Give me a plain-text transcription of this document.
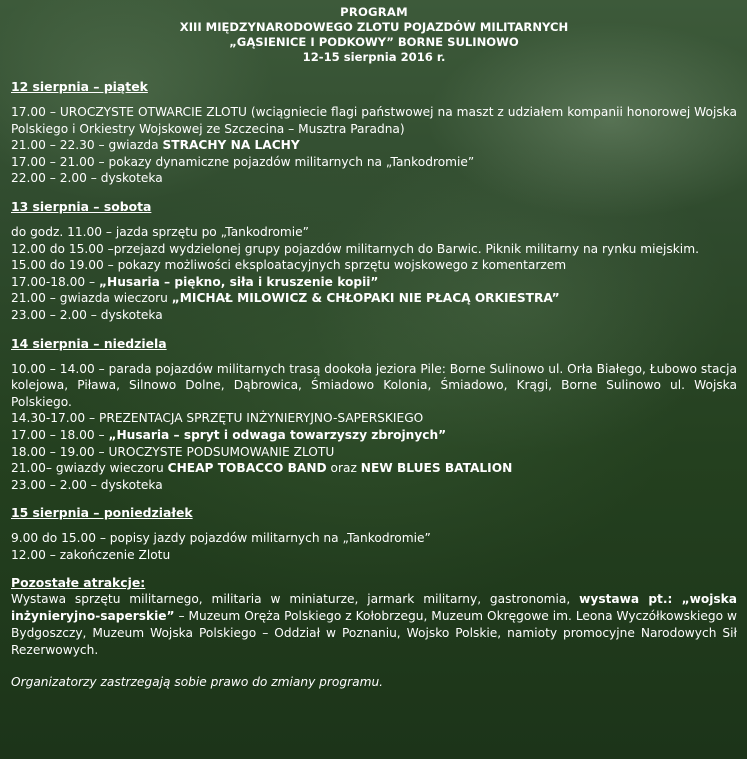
PROGRAM
XIII MIĘDZYNARODOWEGO ZLOTU POJAZDÓW MILITARNYCH
„GĄSIENICE I PODKOWY” BORNE SULINOWO
12-15 sierpnia 2016 r.
12 sierpnia – piątek
17.00 – UROCZYSTE OTWARCIE ZLOTU (wciągniecie flagi państwowej na maszt z udziałem kompanii honorowej Wojska Polskiego i Orkiestry Wojskowej ze Szczecina – Musztra Paradna)
21.00 – 22.30 – gwiazda STRACHY NA LACHY
17.00 – 21.00 – pokazy dynamiczne pojazdów militarnych na „Tankodromie”
22.00 – 2.00 – dyskoteka
13 sierpnia – sobota
do godz. 11.00 – jazda sprzętu po „Tankodromie”
12.00 do 15.00 –przejazd wydzielonej grupy pojazdów militarnych do Barwic. Piknik militarny na rynku miejskim.
15.00 do 19.00 – pokazy możliwości eksploatacyjnych sprzętu wojskowego z komentarzem
17.00-18.00 – „Husaria – piękno, siła i kruszenie kopii”
21.00 – gwiazda wieczoru „MICHAŁ MILOWICZ & CHŁOPAKI NIE PŁACĄ ORKIESTRA”
23.00 – 2.00 – dyskoteka
14 sierpnia – niedziela
10.00 – 14.00 – parada pojazdów militarnych trasą dookoła jeziora Pile: Borne Sulinowo ul. Orła Białego, Łubowo stacja kolejowa, Piława, Silnowo Dolne, Dąbrowica, Śmiadowo Kolonia, Śmiadowo, Krągi, Borne Sulinowo ul. Wojska Polskiego.
14.30-17.00 – PREZENTACJA SPRZĘTU INŻYNIERYJNO-SAPERSKIEGO
17.00 – 18.00 – „Husaria – spryt i odwaga towarzyszy zbrojnych”
18.00 – 19.00 – UROCZYSTE PODSUMOWANIE ZLOTU
21.00– gwiazdy wieczoru CHEAP TOBACCO BAND oraz NEW BLUES BATALION
23.00 – 2.00 – dyskoteka
15 sierpnia – poniedziałek
9.00 do 15.00 – popisy jazdy pojazdów militarnych na „Tankodromie”
12.00 – zakończenie Zlotu
Pozostałe atrakcje:
Wystawa sprzętu militarnego, militaria w miniaturze, jarmark militarny, gastronomia, wystawa pt.: „wojska inżynieryjno-saperskie” – Muzeum Oręża Polskiego z Kołobrzegu, Muzeum Okręgowe im. Leona Wyczółkowskiego w Bydgoszczy, Muzeum Wojska Polskiego – Oddział w Poznaniu, Wojsko Polskie, namioty promocyjne Narodowych Sił Rezerwowych.
Organizatorzy zastrzegają sobie prawo do zmiany programu.
